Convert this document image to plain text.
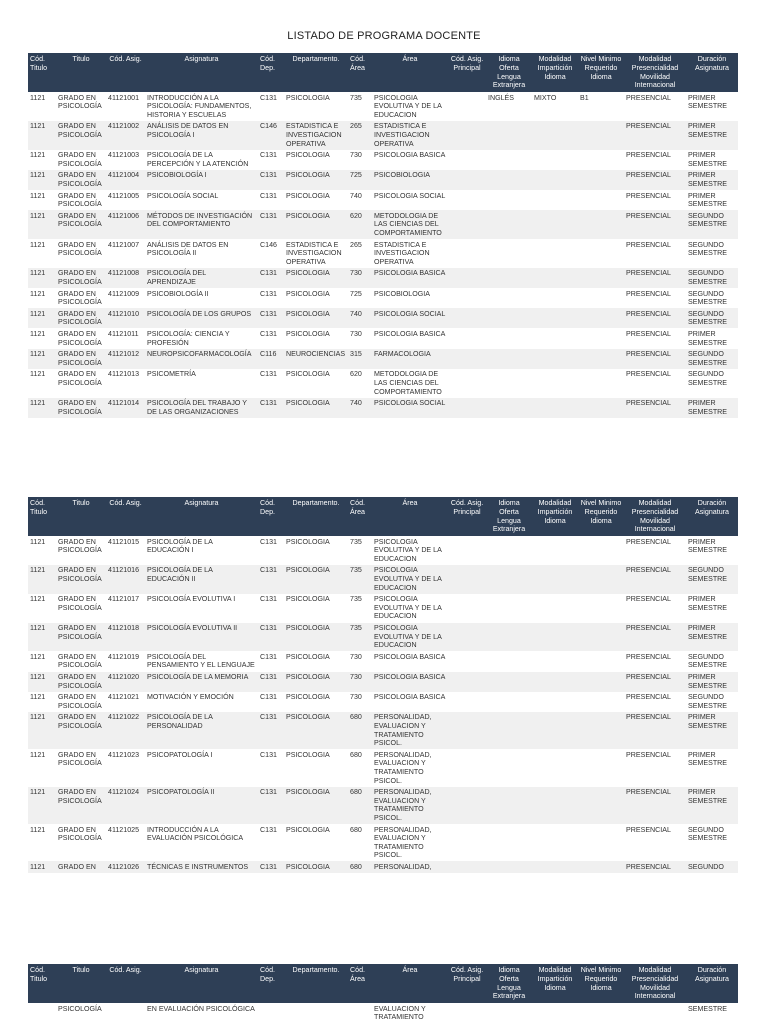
LISTADO DE PROGRAMA DOCENTE
Cód. Titulo	Titulo	Cód. Asig.	Asignatura	Cód. Dep.	Departamento.	Cód. Área	Área	Cód. Asig. Principal	Idioma Oferta Lengua Extranjera	Modalidad Impartición Idioma	Nivel Minimo Requerido Idioma	Modalidad Presencialidad Movilidad Internacional	Duración Asignatura
1121	GRADO EN PSICOLOGÍA	41121001	INTRODUCCIÓN A LA PSICOLOGÍA: FUNDAMENTOS, HISTORIA Y ESCUELAS	C131	PSICOLOGIA	735	PSICOLOGIA EVOLUTIVA Y DE LA EDUCACION		INGLÉS	MIXTO	B1	PRESENCIAL	PRIMER SEMESTRE
1121	GRADO EN PSICOLOGÍA	41121002	ANÁLISIS DE DATOS EN PSICOLOGÍA I	C146	ESTADISTICA E INVESTIGACION OPERATIVA	265	ESTADISTICA E INVESTIGACION OPERATIVA					PRESENCIAL	PRIMER SEMESTRE
1121	GRADO EN PSICOLOGÍA	41121003	PSICOLOGÍA DE LA PERCEPCIÓN Y LA ATENCIÓN	C131	PSICOLOGIA	730	PSICOLOGIA BASICA					PRESENCIAL	PRIMER SEMESTRE
1121	GRADO EN PSICOLOGÍA	41121004	PSICOBIOLOGÍA I	C131	PSICOLOGIA	725	PSICOBIOLOGIA					PRESENCIAL	PRIMER SEMESTRE
1121	GRADO EN PSICOLOGÍA	41121005	PSICOLOGÍA SOCIAL	C131	PSICOLOGIA	740	PSICOLOGIA SOCIAL					PRESENCIAL	PRIMER SEMESTRE
1121	GRADO EN PSICOLOGÍA	41121006	MÉTODOS DE INVESTIGACIÓN DEL COMPORTAMIENTO	C131	PSICOLOGIA	620	METODOLOGIA DE LAS CIENCIAS DEL COMPORTAMIENTO					PRESENCIAL	SEGUNDO SEMESTRE
1121	GRADO EN PSICOLOGÍA	41121007	ANÁLISIS DE DATOS EN PSICOLOGÍA II	C146	ESTADISTICA E INVESTIGACION OPERATIVA	265	ESTADISTICA E INVESTIGACION OPERATIVA					PRESENCIAL	SEGUNDO SEMESTRE
1121	GRADO EN PSICOLOGÍA	41121008	PSICOLOGÍA DEL APRENDIZAJE	C131	PSICOLOGIA	730	PSICOLOGIA BASICA					PRESENCIAL	SEGUNDO SEMESTRE
1121	GRADO EN PSICOLOGÍA	41121009	PSICOBIOLOGÍA II	C131	PSICOLOGIA	725	PSICOBIOLOGIA					PRESENCIAL	SEGUNDO SEMESTRE
1121	GRADO EN PSICOLOGÍA	41121010	PSICOLOGÍA DE LOS GRUPOS	C131	PSICOLOGIA	740	PSICOLOGIA SOCIAL					PRESENCIAL	SEGUNDO SEMESTRE
1121	GRADO EN PSICOLOGÍA	41121011	PSICOLOGÍA: CIENCIA Y PROFESIÓN	C131	PSICOLOGIA	730	PSICOLOGIA BASICA					PRESENCIAL	PRIMER SEMESTRE
1121	GRADO EN PSICOLOGÍA	41121012	NEUROPSICOFARMACOLOGÍA	C116	NEUROCIENCIAS	315	FARMACOLOGIA					PRESENCIAL	SEGUNDO SEMESTRE
1121	GRADO EN PSICOLOGÍA	41121013	PSICOMETRÍA	C131	PSICOLOGIA	620	METODOLOGIA DE LAS CIENCIAS DEL COMPORTAMIENTO					PRESENCIAL	SEGUNDO SEMESTRE
1121	GRADO EN PSICOLOGÍA	41121014	PSICOLOGÍA DEL TRABAJO Y DE LAS ORGANIZACIONES	C131	PSICOLOGIA	740	PSICOLOGIA SOCIAL					PRESENCIAL	PRIMER SEMESTRE
Cód. Titulo	Titulo	Cód. Asig.	Asignatura	Cód. Dep.	Departamento.	Cód. Área	Área	Cód. Asig. Principal	Idioma Oferta Lengua Extranjera	Modalidad Impartición Idioma	Nivel Minimo Requerido Idioma	Modalidad Presencialidad Movilidad Internacional	Duración Asignatura
1121	GRADO EN PSICOLOGÍA	41121015	PSICOLOGÍA DE LA EDUCACIÓN I	C131	PSICOLOGIA	735	PSICOLOGIA EVOLUTIVA Y DE LA EDUCACION					PRESENCIAL	PRIMER SEMESTRE
1121	GRADO EN PSICOLOGÍA	41121016	PSICOLOGÍA DE LA EDUCACIÓN II	C131	PSICOLOGIA	735	PSICOLOGIA EVOLUTIVA Y DE LA EDUCACION					PRESENCIAL	SEGUNDO SEMESTRE
1121	GRADO EN PSICOLOGÍA	41121017	PSICOLOGÍA EVOLUTIVA I	C131	PSICOLOGIA	735	PSICOLOGIA EVOLUTIVA Y DE LA EDUCACION					PRESENCIAL	PRIMER SEMESTRE
1121	GRADO EN PSICOLOGÍA	41121018	PSICOLOGÍA EVOLUTIVA II	C131	PSICOLOGIA	735	PSICOLOGIA EVOLUTIVA Y DE LA EDUCACION					PRESENCIAL	PRIMER SEMESTRE
1121	GRADO EN PSICOLOGÍA	41121019	PSICOLOGÍA DEL PENSAMIENTO Y EL LENGUAJE	C131	PSICOLOGIA	730	PSICOLOGIA BASICA					PRESENCIAL	SEGUNDO SEMESTRE
1121	GRADO EN PSICOLOGÍA	41121020	PSICOLOGÍA DE LA MEMORIA	C131	PSICOLOGIA	730	PSICOLOGIA BASICA					PRESENCIAL	PRIMER SEMESTRE
1121	GRADO EN PSICOLOGÍA	41121021	MOTIVACIÓN Y EMOCIÓN	C131	PSICOLOGIA	730	PSICOLOGIA BASICA					PRESENCIAL	SEGUNDO SEMESTRE
1121	GRADO EN PSICOLOGÍA	41121022	PSICOLOGÍA DE LA PERSONALIDAD	C131	PSICOLOGIA	680	PERSONALIDAD, EVALUACION Y TRATAMIENTO PSICOL.					PRESENCIAL	PRIMER SEMESTRE
1121	GRADO EN PSICOLOGÍA	41121023	PSICOPATOLOGÍA I	C131	PSICOLOGIA	680	PERSONALIDAD, EVALUACION Y TRATAMIENTO PSICOL.					PRESENCIAL	PRIMER SEMESTRE
1121	GRADO EN PSICOLOGÍA	41121024	PSICOPATOLOGÍA II	C131	PSICOLOGIA	680	PERSONALIDAD, EVALUACION Y TRATAMIENTO PSICOL.					PRESENCIAL	PRIMER SEMESTRE
1121	GRADO EN PSICOLOGÍA	41121025	INTRODUCCIÓN A LA EVALUACIÓN PSICOLÓGICA	C131	PSICOLOGIA	680	PERSONALIDAD, EVALUACION Y TRATAMIENTO PSICOL.					PRESENCIAL	SEGUNDO SEMESTRE
1121	GRADO EN	41121026	TÉCNICAS E INSTRUMENTOS	C131	PSICOLOGIA	680	PERSONALIDAD,					PRESENCIAL	SEGUNDO
Cód. Titulo	Titulo	Cód. Asig.	Asignatura	Cód. Dep.	Departamento.	Cód. Área	Área	Cód. Asig. Principal	Idioma Oferta Lengua Extranjera	Modalidad Impartición Idioma	Nivel Minimo Requerido Idioma	Modalidad Presencialidad Movilidad Internacional	Duración Asignatura
	PSICOLOGÍA		EN EVALUACIÓN PSICOLÓGICA				EVALUACION Y TRATAMIENTO						SEMESTRE
